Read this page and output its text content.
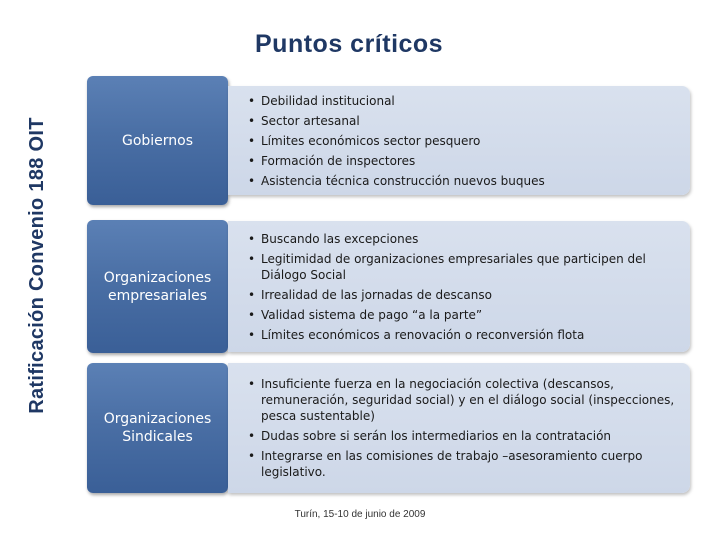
Ratificación Convenio 188 OIT
Puntos críticos
Gobiernos
• Debilidad institucional
• Sector artesanal
• Límites económicos sector pesquero
• Formación de inspectores
• Asistencia técnica construcción nuevos buques
Organizaciones empresariales
• Buscando las excepciones
• Legitimidad de organizaciones empresariales que participen del Diálogo Social
• Irrealidad de las jornadas de descanso
• Validad sistema de pago “a la parte”
• Límites económicos a renovación o reconversión flota
Organizaciones Sindicales
• Insuficiente fuerza en la negociación colectiva (descansos, remuneración, seguridad social) y en el diálogo social (inspecciones, pesca sustentable)
• Dudas sobre si serán los intermediarios en la contratación
• Integrarse en las comisiones de trabajo –asesoramiento cuerpo legislativo.
Turín, 15-10 de junio de 2009
